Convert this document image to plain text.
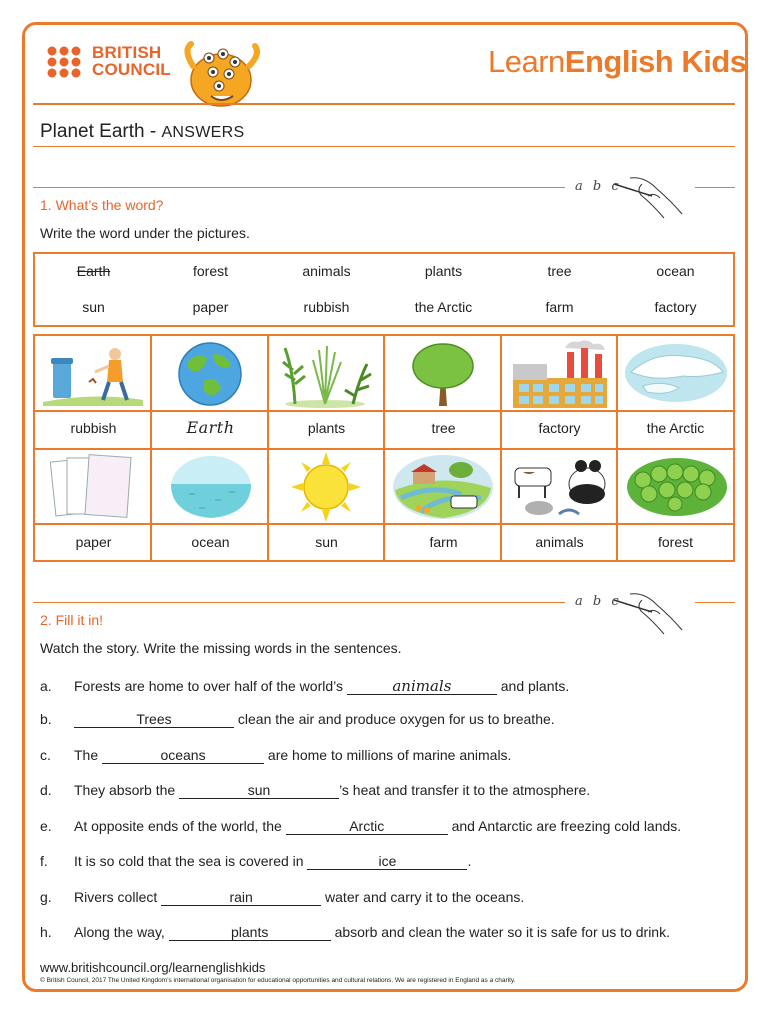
BRITISH
COUNCIL	LearnEnglish Kids
Planet Earth - ANSWERS
a b c
1. What’s the word?
Write the word under the pictures.
Earth	forest	animals	plants	tree	ocean
sun	paper	rubbish	the Arctic	farm	factory
rubbish	Earth	plants	tree	factory	the Arctic
paper	ocean	sun	farm	animals	forest
a b c
2. Fill it in!
Watch the story. Write the missing words in the sentences.
a. Forests are home to over half of the world’s	animals	and plants.
b.	Trees	clean the air and produce oxygen for us to breathe.
c. The	oceans	are home to millions of marine animals.
d. They absorb the	sun	’s heat and transfer it to the atmosphere.
e. At opposite ends of the world, the	Arctic	and Antarctic are freezing cold lands.
f. It is so cold that the sea is covered in	ice	.
g. Rivers collect	rain	water and carry it to the oceans.
h. Along the way,	plants	absorb and clean the water so it is safe for us to drink.
www.britishcouncil.org/learnenglishkids
© British Council, 2017 The United Kingdom’s international organisation for educational opportunities and cultural relations. We are registered in England as a charity.
